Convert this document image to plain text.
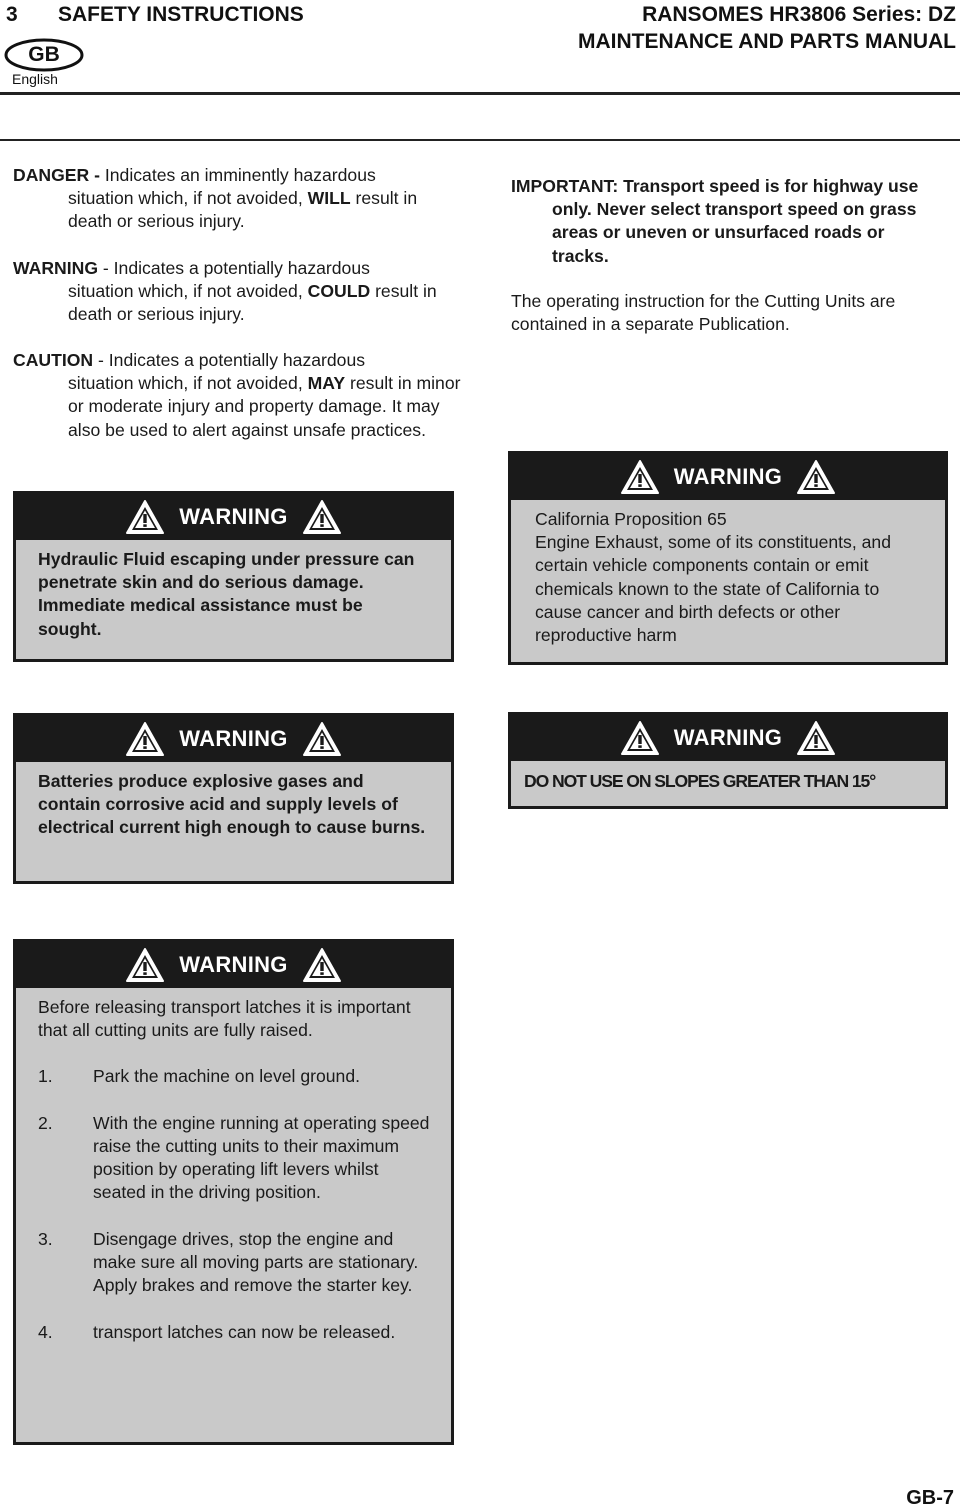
3 SAFETY INSTRUCTIONS	RANSOMES HR3806 Series: DZ
MAINTENANCE AND PARTS MANUAL
GB
English
DANGER - Indicates an imminently hazardous
situation which, if not avoided, WILL result in death or serious injury.
WARNING - Indicates a potentially hazardous
situation which, if not avoided, COULD result in death or serious injury.
CAUTION - Indicates a potentially hazardous
situation which, if not avoided, MAY result in minor or moderate injury and property damage. It may also be used to alert against unsafe practices.
IMPORTANT: Transport speed is for highway use only. Never select transport speed on grass areas or uneven or unsurfaced roads or tracks.
The operating instruction for the Cutting Units are contained in a separate Publication.
WARNING
Hydraulic Fluid escaping under pressure can penetrate skin and do serious damage. Immediate medical assistance must be sought.
WARNING
California Proposition 65
Engine Exhaust, some of its constituents, and certain vehicle components contain or emit chemicals known to the state of California to cause cancer and birth defects or other reproductive harm
WARNING
Batteries produce explosive gases and contain corrosive acid and supply levels of electrical current high enough to cause burns.
WARNING
DO NOT USE ON SLOPES GREATER THAN 15°
WARNING
Before releasing transport latches it is important that all cutting units are fully raised.
1.	Park the machine on level ground.
2.	With the engine running at operating speed raise the cutting units to their maximum position by operating lift levers whilst seated in the driving position.
3.	Disengage drives, stop the engine and make sure all moving parts are stationary. Apply brakes and remove the starter key.
4.	transport latches can now be released.
GB-7
